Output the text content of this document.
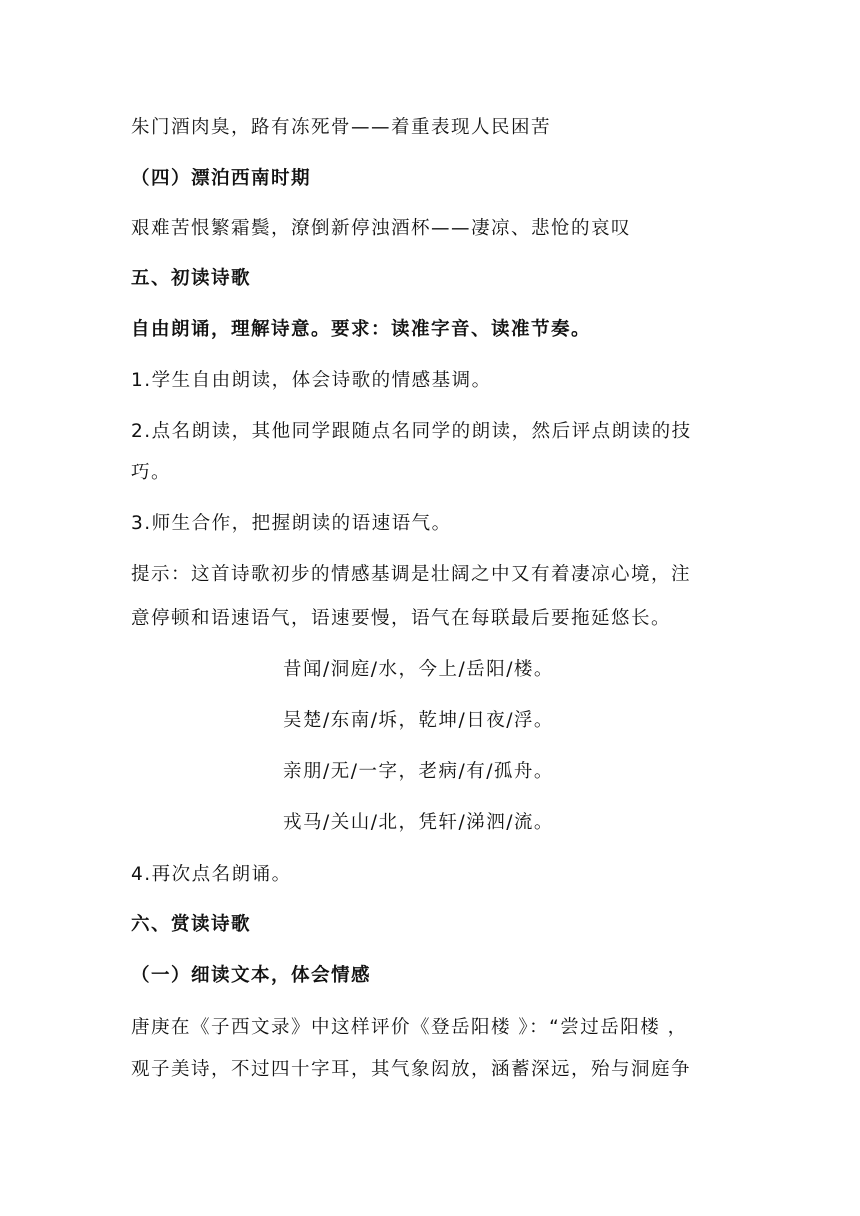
朱门酒肉臭，路有冻死骨——着重表现人民困苦
（四）漂泊西南时期
艰难苦恨繁霜鬓，潦倒新停浊酒杯——凄凉、悲怆的哀叹
五、初读诗歌
自由朗诵，理解诗意。要求：读准字音、读准节奏。
1.学生自由朗读，体会诗歌的情感基调。
2.点名朗读，其他同学跟随点名同学的朗读，然后评点朗读的技
巧。
3.师生合作，把握朗读的语速语气。
提示：这首诗歌初步的情感基调是壮阔之中又有着凄凉心境，注
意停顿和语速语气，语速要慢，语气在每联最后要拖延悠长。
昔闻/洞庭/水，今上/岳阳/楼。
吴楚/东南/坼，乾坤/日夜/浮。
亲朋/无/一字，老病/有/孤舟。
戎马/关山/北，凭轩/涕泗/流。
4.再次点名朗诵。
六、赏读诗歌
（一）细读文本，体会情感
唐庚在《子西文录》中这样评价《登岳阳楼 》：“尝过岳阳楼 ，
观子美诗，不过四十字耳，其气象闳放，涵蓄深远，殆与洞庭争
